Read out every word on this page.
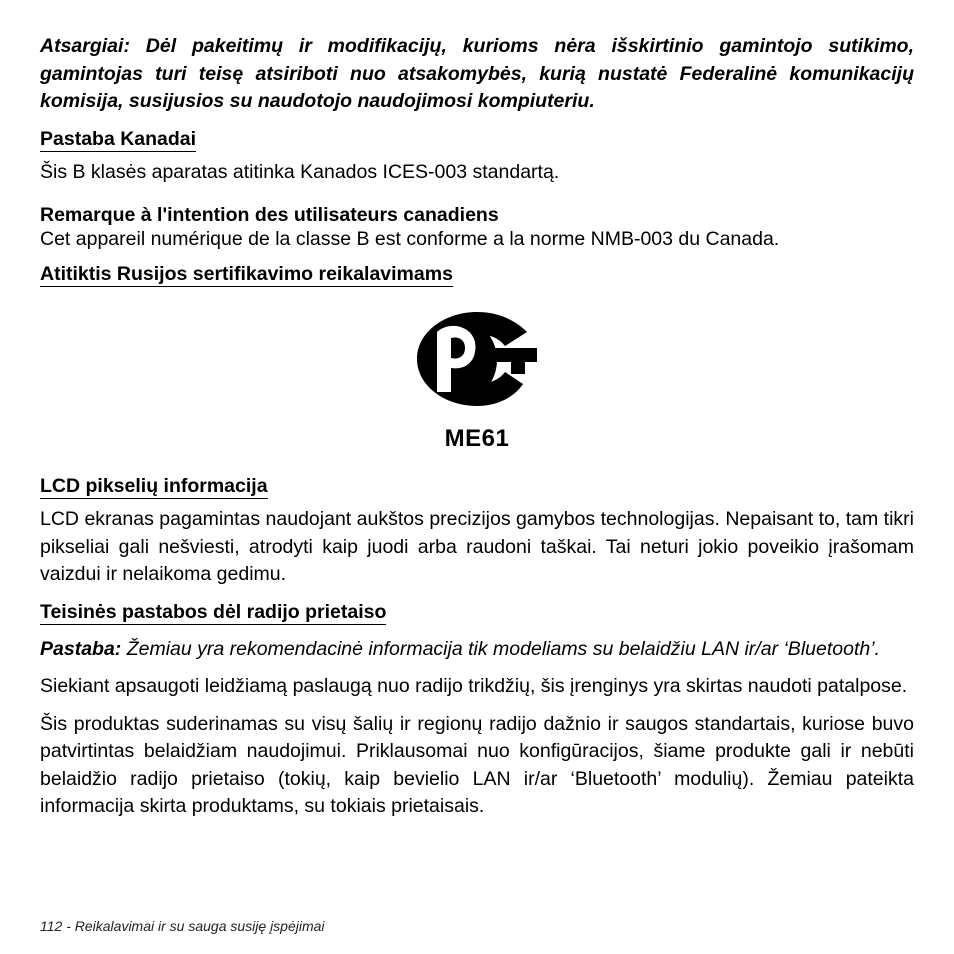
Atsargiai: Dėl pakeitimų ir modifikacijų, kurioms nėra išskirtinio gamintojo sutikimo, gamintojas turi teisę atsiriboti nuo atsakomybės, kurią nustatė Federalinė komunikacijų komisija, susijusios su naudotojo naudojimosi kompiuteriu.

Pastaba Kanadai

Šis B klasės aparatas atitinka Kanados ICES-003 standartą.

Remarque à l'intention des utilisateurs canadiens

Cet appareil numérique de la classe B est conforme a la norme NMB-003 du Canada.

Atitiktis Rusijos sertifikavimo reikalavimams
ME61
LCD pikselių informacija

LCD ekranas pagamintas naudojant aukštos precizijos gamybos technologijas. Nepaisant to, tam tikri pikseliai gali nešviesti, atrodyti kaip juodi arba raudoni taškai. Tai neturi jokio poveikio įrašomam vaizdui ir nelaikoma gedimu.

Teisinės pastabos dėl radijo prietaiso

Pastaba: Žemiau yra rekomendacinė informacija tik modeliams su belaidžiu LAN ir/ar ‘Bluetooth’.

Siekiant apsaugoti leidžiamą paslaugą nuo radijo trikdžių, šis įrenginys yra skirtas naudoti patalpose.

Šis produktas suderinamas su visų šalių ir regionų radijo dažnio ir saugos standartais, kuriose buvo patvirtintas belaidžiam naudojimui. Priklausomai nuo konfigūracijos, šiame produkte gali ir nebūti belaidžio radijo prietaiso (tokių, kaip bevielio LAN ir/ar ‘Bluetooth’ modulių). Žemiau pateikta informacija skirta produktams, su tokiais prietaisais.

112 - Reikalavimai ir su sauga susiję įspėjimai
